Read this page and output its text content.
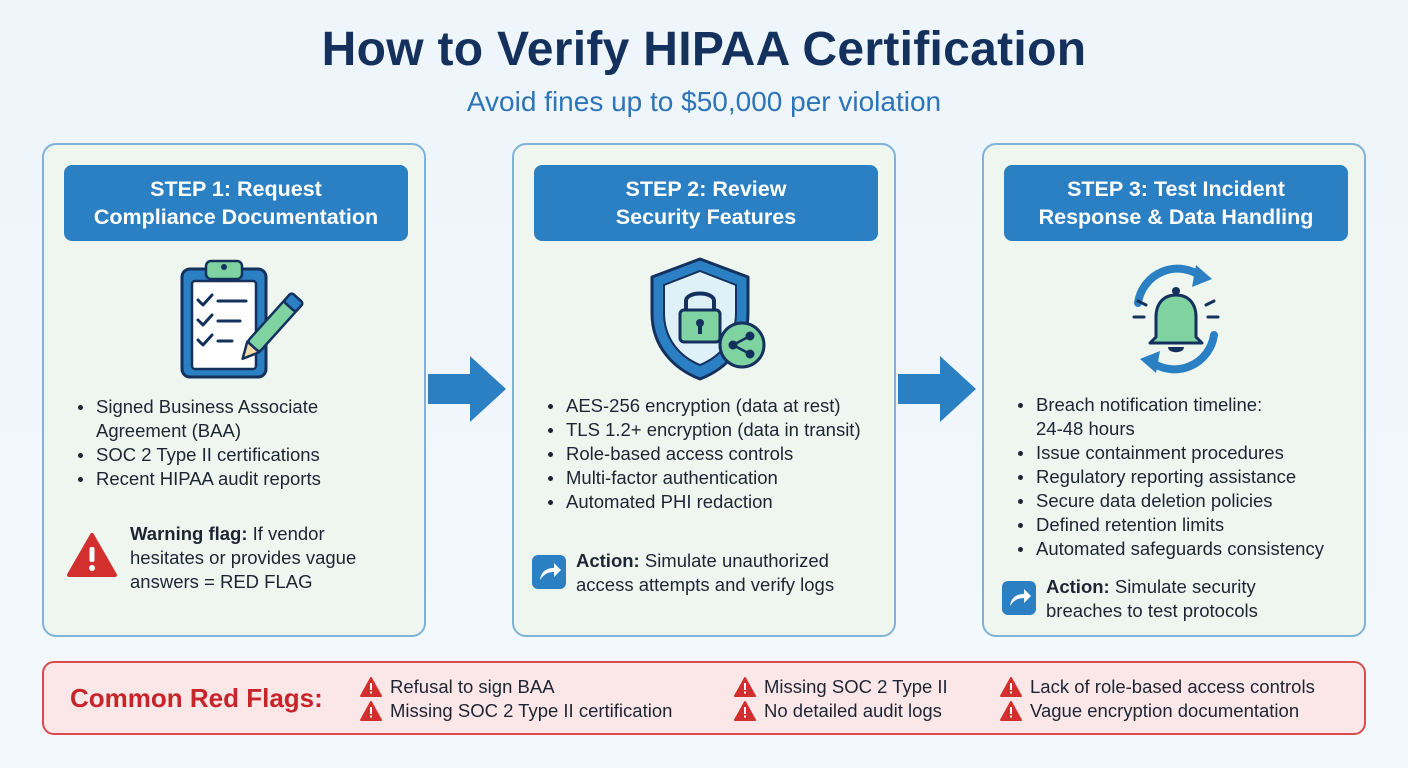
How to Verify HIPAA Certification
Avoid fines up to $50,000 per violation
STEP 1: Request
Compliance Documentation
Signed Business Associate
Agreement (BAA)
SOC 2 Type II certifications
Recent HIPAA audit reports
Warning flag: If vendor
hesitates or provides vague
answers = RED FLAG
STEP 2: Review
Security Features
AES-256 encryption (data at rest)
TLS 1.2+ encryption (data in transit)
Role-based access controls
Multi-factor authentication
Automated PHI redaction
Action: Simulate unauthorized
access attempts and verify logs
STEP 3: Test Incident
Response & Data Handling
Breach notification timeline:
24-48 hours
Issue containment procedures
Regulatory reporting assistance
Secure data deletion policies
Defined retention limits
Automated safeguards consistency
Action: Simulate security
breaches to test protocols
Common Red Flags:	Refusal to sign BAA
Missing SOC 2 Type II certification
Missing SOC 2 Type II
No detailed audit logs
Lack of role-based access controls
Vague encryption documentation
